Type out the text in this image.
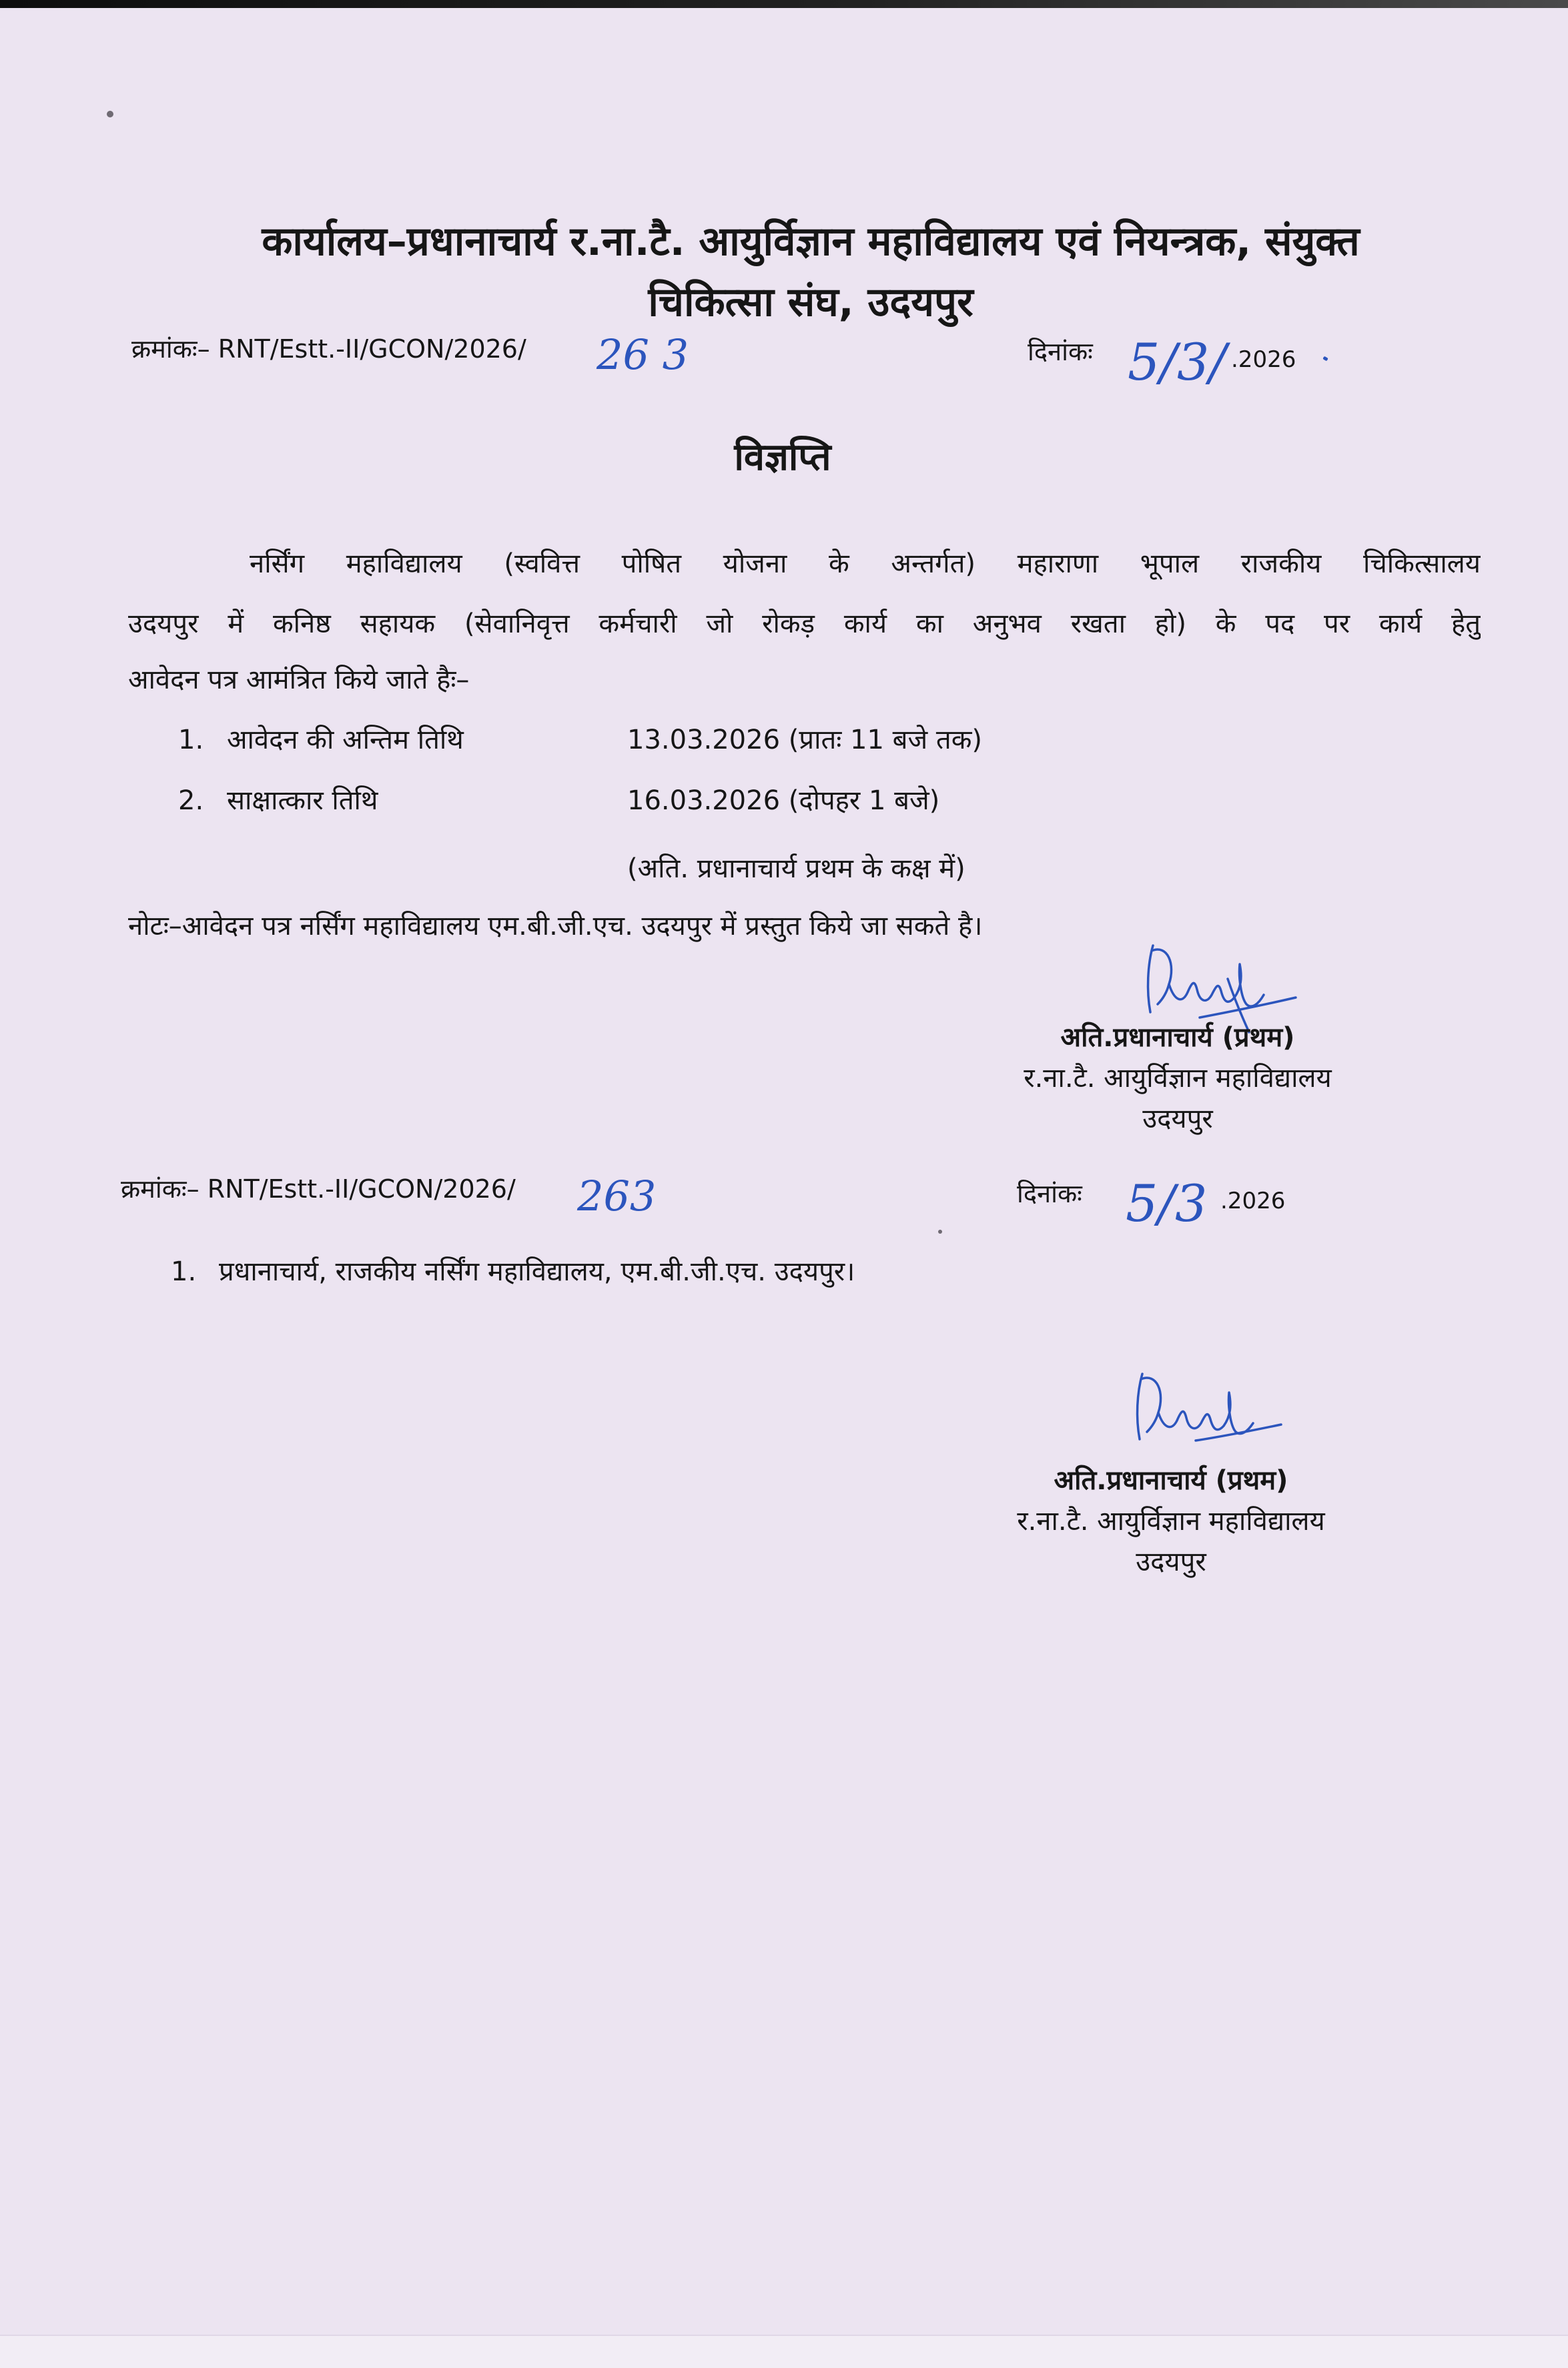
कार्यालय–प्रधानाचार्य र.ना.टै. आयुर्विज्ञान महाविद्यालय एवं नियन्त्रक, संयुक्त
चिकित्सा संघ, उदयपुर
क्रमांकः– RNT/Estt.-II/GCON/2026/ 26 3	दिनांकः 5/3/ .2026
विज्ञप्ति
नर्सिंग महाविद्यालय (स्ववित्त पोषित योजना के अन्तर्गत) महाराणा भूपाल राजकीय चिकित्सालय
उदयपुर में कनिष्ठ सहायक (सेवानिवृत्त कर्मचारी जो रोकड़ कार्य का अनुभव रखता हो) के पद पर कार्य हेतु
आवेदन पत्र आमंत्रित किये जाते हैः–
1. आवेदन की अन्तिम तिथि	13.03.2026 (प्रातः 11 बजे तक)
2. साक्षात्कार तिथि	16.03.2026 (दोपहर 1 बजे)
(अति. प्रधानाचार्य प्रथम के कक्ष में)
नोटः–आवेदन पत्र नर्सिंग महाविद्यालय एम.बी.जी.एच. उदयपुर में प्रस्तुत किये जा सकते है।
अति.प्रधानाचार्य (प्रथम)
र.ना.टै. आयुर्विज्ञान महाविद्यालय
उदयपुर
क्रमांकः– RNT/Estt.-II/GCON/2026/ 263	दिनांकः 5/3 .2026
1. प्रधानाचार्य, राजकीय नर्सिंग महाविद्यालय, एम.बी.जी.एच. उदयपुर।
अति.प्रधानाचार्य (प्रथम)
र.ना.टै. आयुर्विज्ञान महाविद्यालय
उदयपुर
